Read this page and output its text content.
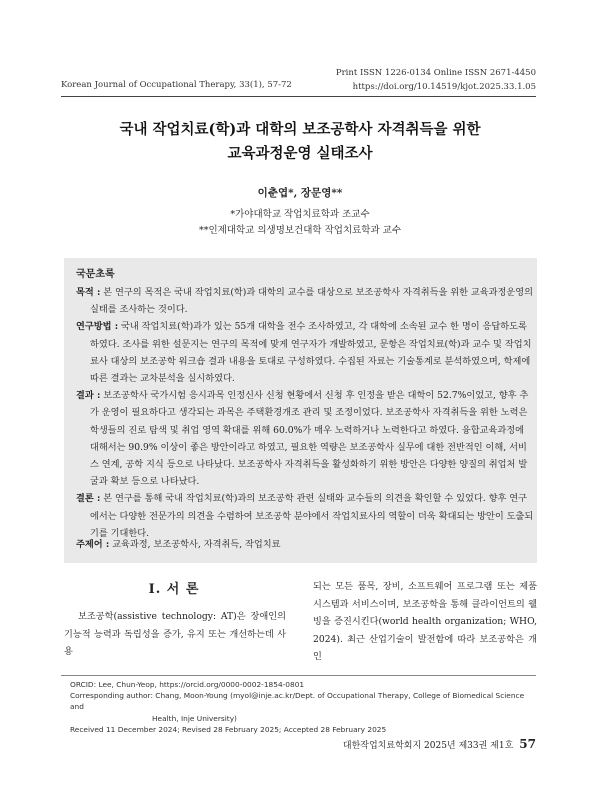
Korean Journal of Occupational Therapy, 33(1), 57-72
Print ISSN 1226-0134 Online ISSN 2671-4450
https://doi.org/10.14519/kjot.2025.33.1.05
국내 작업치료(학)과 대학의 보조공학사 자격취득을 위한
교육과정운영 실태조사
이춘엽*, 장문영**
*가야대학교 작업치료학과 조교수
**인제대학교 의생명보건대학 작업치료학과 교수
국문초록

목적 : 본 연구의 목적은 국내 작업치료(학)과 대학의 교수를 대상으로 보조공학사 자격취득을 위한 교육과정운영의 실태를 조사하는 것이다.

연구방법 : 국내 작업치료(학)과가 있는 55개 대학을 전수 조사하였고, 각 대학에 소속된 교수 한 명이 응답하도록 하였다. 조사를 위한 설문지는 연구의 목적에 맞게 연구자가 개발하였고, 문항은 작업치료(학)과 교수 및 작업치료사 대상의 보조공학 워크숍 결과 내용을 토대로 구성하였다. 수집된 자료는 기술통계로 분석하였으며, 학제에 따른 결과는 교차분석을 실시하였다.

결과 : 보조공학사 국가시험 응시과목 인정신사 신청 현황에서 신청 후 인정을 받은 대학이 52.7%이었고, 향후 추가 운영이 필요하다고 생각되는 과목은 주택환경개조 관리 및 조정이었다. 보조공학사 자격취득을 위한 노력은 학생들의 진로 탐색 및 취업 영역 확대를 위해 60.0%가 매우 노력하거나 노력한다고 하였다. 융합교육과정에 대해서는 90.9% 이상이 좋은 방안이라고 하였고, 필요한 역량은 보조공학사 실무에 대한 전반적인 이해, 서비스 연계, 공학 지식 등으로 나타났다. 보조공학사 자격취득을 활성화하기 위한 방안은 다양한 양질의 취업처 발굴과 확보 등으로 나타났다.

결론 : 본 연구를 통해 국내 작업치료(학)과의 보조공학 관련 실태와 교수들의 의견을 확인할 수 있었다. 향후 연구에서는 다양한 전문가의 의견을 수렴하여 보조공학 분야에서 작업치료사의 역할이 더욱 확대되는 방안이 도출되기를 기대한다.

주제어 : 교육과정, 보조공학사, 자격취득, 작업치료
Ⅰ. 서 론
보조공학(assistive technology: AT)은 장애인의 기능적 능력과 독립성을 증가, 유지 또는 개선하는데 사용
되는 모든 품목, 장비, 소프트웨어 프로그램 또는 제품 시스템과 서비스이며, 보조공학을 통해 클라이언트의 웰빙을 증진시킨다(world health organization; WHO, 2024). 최근 산업기술이 발전함에 따라 보조공학은 개인
ORCID: Lee, Chun-Yeop, https://orcid.org/0000-0002-1854-0801
Corresponding author: Chang, Moon-Young (myol@inje.ac.kr/Dept. of Occupational Therapy, College of Biomedical Science and
Health, Inje University)
Received 11 December 2024; Revised 28 February 2025; Accepted 28 February 2025
대한작업치료학회지 2025년 제33권 제1호 57
